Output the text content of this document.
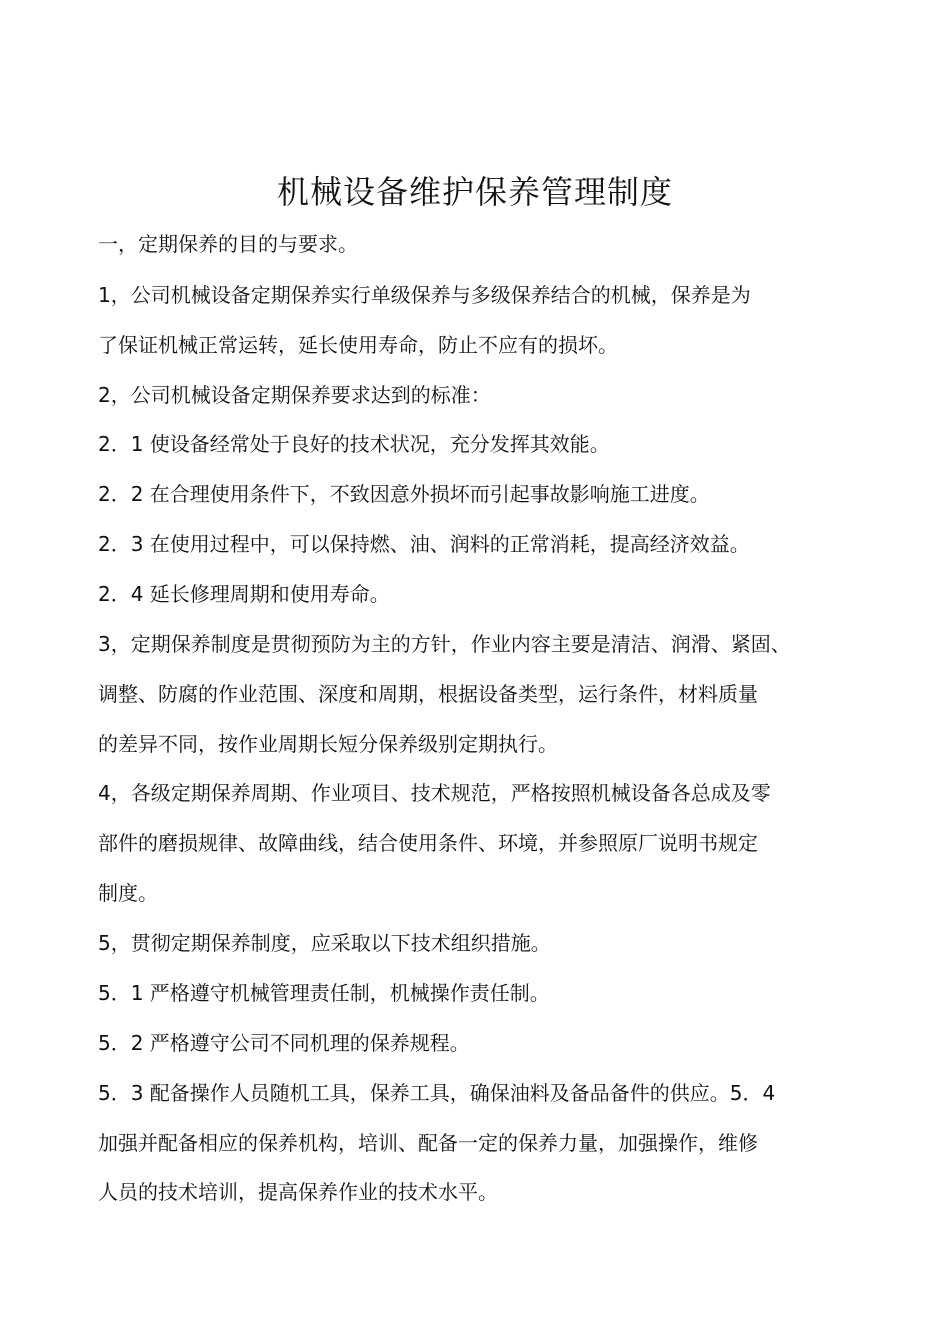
机械设备维护保养管理制度
一，定期保养的目的与要求。
1，公司机械设备定期保养实行单级保养与多级保养结合的机械，保养是为
了保证机械正常运转，延长使用寿命，防止不应有的损坏。
2，公司机械设备定期保养要求达到的标准：
2．1 使设备经常处于良好的技术状况，充分发挥其效能。
2．2 在合理使用条件下，不致因意外损坏而引起事故影响施工进度。
2．3 在使用过程中，可以保持燃、油、润料的正常消耗，提高经济效益。
2．4 延长修理周期和使用寿命。
3，定期保养制度是贯彻预防为主的方针，作业内容主要是清洁、润滑、紧固、
调整、防腐的作业范围、深度和周期，根据设备类型，运行条件，材料质量
的差异不同，按作业周期长短分保养级别定期执行。
4，各级定期保养周期、作业项目、技术规范，严格按照机械设备各总成及零
部件的磨损规律、故障曲线，结合使用条件、环境，并参照原厂说明书规定
制度。
5，贯彻定期保养制度，应采取以下技术组织措施。
5．1 严格遵守机械管理责任制，机械操作责任制。
5．2 严格遵守公司不同机理的保养规程。
5．3 配备操作人员随机工具，保养工具，确保油料及备品备件的供应。5．4
加强并配备相应的保养机构，培训、配备一定的保养力量，加强操作，维修
人员的技术培训，提高保养作业的技术水平。
